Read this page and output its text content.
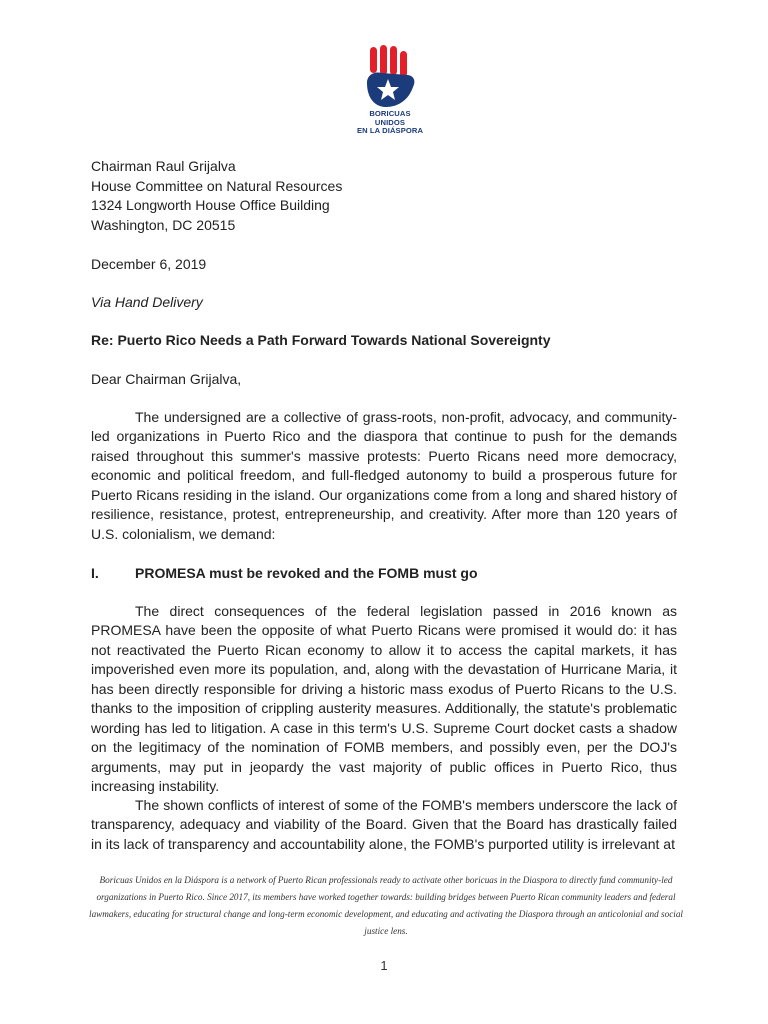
BORICUAS UNIDOS
EN LA DIÁSPORA
Chairman Raul Grijalva
House Committee on Natural Resources
1324 Longworth House Office Building
Washington, DC 20515
December 6, 2019
Via Hand Delivery
Re: Puerto Rico Needs a Path Forward Towards National Sovereignty
Dear Chairman Grijalva,

The undersigned are a collective of grass-roots, non-profit, advocacy, and community-led organizations in Puerto Rico and the diaspora that continue to push for the demands raised throughout this summer's massive protests: Puerto Ricans need more democracy, economic and political freedom, and full-fledged autonomy to build a prosperous future for Puerto Ricans residing in the island. Our organizations come from a long and shared history of resilience, resistance, protest, entrepreneurship, and creativity. After more than 120 years of U.S. colonialism, we demand:

I.	PROMESA must be revoked and the FOMB must go

The direct consequences of the federal legislation passed in 2016 known as PROMESA have been the opposite of what Puerto Ricans were promised it would do: it has not reactivated the Puerto Rican economy to allow it to access the capital markets, it has impoverished even more its population, and, along with the devastation of Hurricane Maria, it has been directly responsible for driving a historic mass exodus of Puerto Ricans to the U.S. thanks to the imposition of crippling austerity measures. Additionally, the statute's problematic wording has led to litigation. A case in this term's U.S. Supreme Court docket casts a shadow on the legitimacy of the nomination of FOMB members, and possibly even, per the DOJ's arguments, may put in jeopardy the vast majority of public offices in Puerto Rico, thus increasing instability.

The shown conflicts of interest of some of the FOMB's members underscore the lack of transparency, adequacy and viability of the Board. Given that the Board has drastically failed in its lack of transparency and accountability alone, the FOMB's purported utility is irrelevant at

Boricuas Unidos en la Diáspora is a network of Puerto Rican professionals ready to activate other boricuas in the Diaspora to directly fund community-led organizations in Puerto Rico. Since 2017, its members have worked together towards: building bridges between Puerto Rican community leaders and federal lawmakers, educating for structural change and long-term economic development, and educating and activating the Diaspora through an anticolonial and social justice lens.
1
